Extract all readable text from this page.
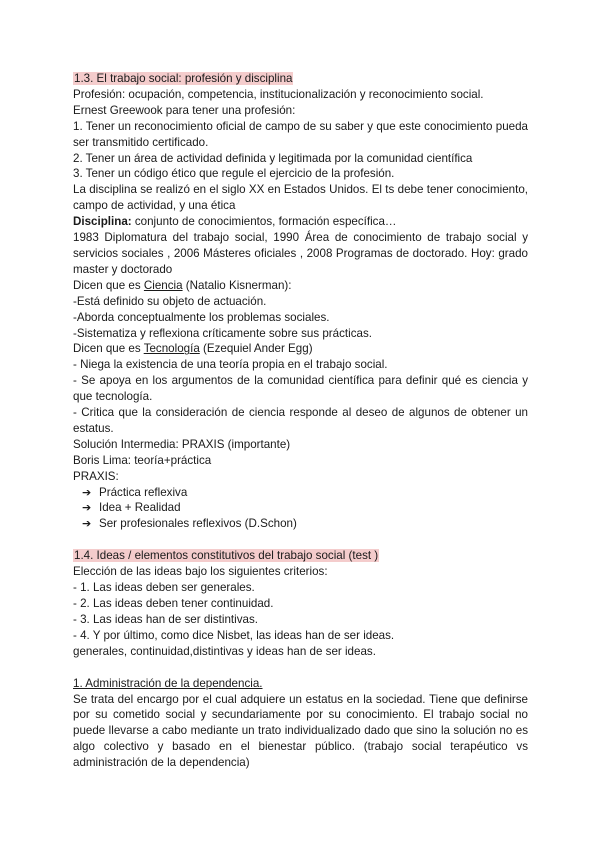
1.3. El trabajo social: profesión y disciplina

Profesión: ocupación, competencia, institucionalización y reconocimiento social.

Ernest Greewook para tener una profesión:

1. Tener un reconocimiento oficial de campo de su saber y que este conocimiento pueda ser transmitido certificado.

2. Tener un área de actividad definida y legitimada por la comunidad científica

3. Tener un código ético que regule el ejercicio de la profesión.

La disciplina se realizó en el siglo XX en Estados Unidos. El ts debe tener conocimiento, campo de actividad, y una ética

Disciplina: conjunto de conocimientos, formación específica…

1983 Diplomatura del trabajo social, 1990 Área de conocimiento de trabajo social y servicios sociales , 2006 Másteres oficiales , 2008 Programas de doctorado. Hoy: grado master y doctorado

Dicen que es Ciencia (Natalio Kisnerman):

-Está definido su objeto de actuación.

-Aborda conceptualmente los problemas sociales.

-Sistematiza y reflexiona críticamente sobre sus prácticas.

Dicen que es Tecnología (Ezequiel Ander Egg)

- Niega la existencia de una teoría propia en el trabajo social.

- Se apoya en los argumentos de la comunidad científica para definir qué es ciencia y que tecnología.

- Critica que la consideración de ciencia responde al deseo de algunos de obtener un estatus.

Solución Intermedia: PRAXIS (importante)

Boris Lima: teoría+práctica

PRAXIS:

➔ Práctica reflexiva
➔ Idea + Realidad
➔ Ser profesionales reflexivos (D.Schon)

1.4. Ideas / elementos constitutivos del trabajo social (test )

Elección de las ideas bajo los siguientes criterios:

- 1. Las ideas deben ser generales.

- 2. Las ideas deben tener continuidad.

- 3. Las ideas han de ser distintivas.

- 4. Y por último, como dice Nisbet, las ideas han de ser ideas.

generales, continuidad,distintivas y ideas han de ser ideas.

1. Administración de la dependencia.

Se trata del encargo por el cual adquiere un estatus en la sociedad. Tiene que definirse por su cometido social y secundariamente por su conocimiento. El trabajo social no puede llevarse a cabo mediante un trato individualizado dado que sino la solución no es algo colectivo y basado en el bienestar público. (trabajo social terapéutico vs administración de la dependencia)
